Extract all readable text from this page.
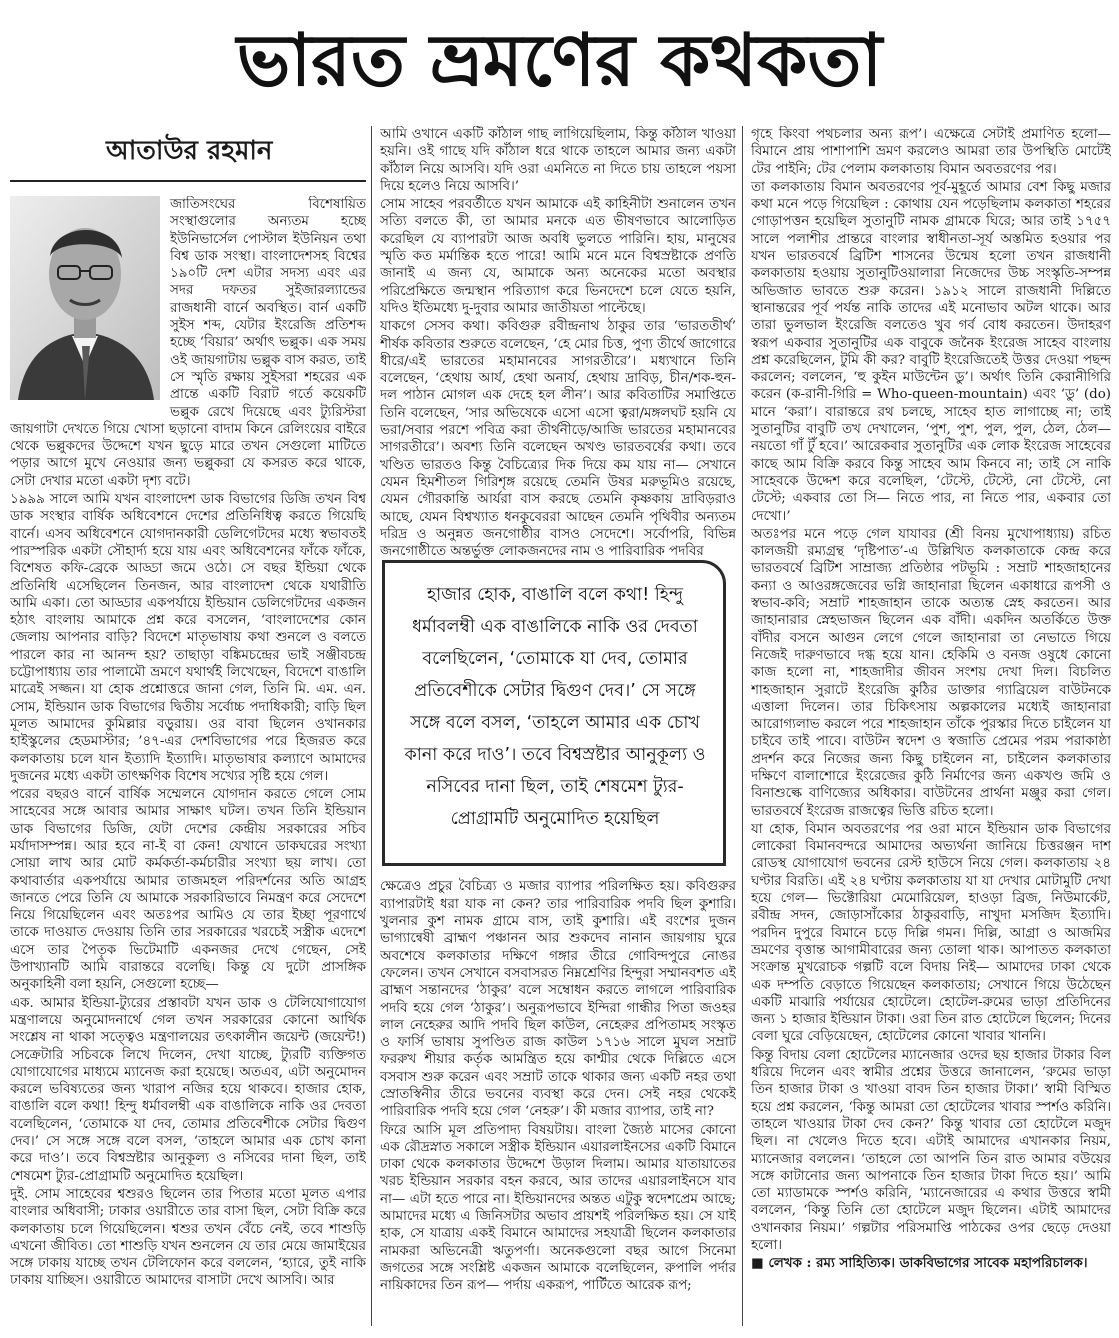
ভারত ভ্রমণের কথকতা
আতাউর রহমান

জাতিসংঘের বিশেষায়িত সংস্থাগুলোর অন্যতম হচ্ছে ইউনিভার্সেল পোস্টাল ইউনিয়ন তথা বিশ্ব ডাক সংস্থা। বাংলাদেশসহ বিশ্বের ১৯০টি দেশ এটার সদস্য এবং এর সদর দফতর সুইজারল্যান্ডের রাজধানী বার্নে অবস্থিত। বার্ন একটি সুইস শব্দ, যেটার ইংরেজি প্রতিশব্দ হচ্ছে ‘বিয়ার’ অর্থাৎ ভল্লুক। এক সময় ওই জায়গাটায় ভল্লুক বাস করত, তাই সে স্মৃতি রক্ষায় সুইসরা শহরের এক প্রান্তে একটি বিরাট গর্তে কয়েকটি ভল্লুক রেখে দিয়েছে এবং ট্যুরিস্টরা জায়গাটা দেখতে গিয়ে খোসা ছড়ানো বাদাম কিনে রেলিংয়ের বাইরে থেকে ভল্লুকদের উদ্দেশে যখন ছুড়ে মারে তখন সেগুলো মাটিতে পড়ার আগে মুখে নেওয়ার জন্য ভল্লুকরা যে কসরত করে থাকে, সেটা দেখার মতো একটা দৃশ্য বটে।

১৯৯৯ সালে আমি যখন বাংলাদেশ ডাক বিভাগের ডিজি তখন বিশ্ব ডাক সংস্থার বার্ষিক অধিবেশনে দেশের প্রতিনিধিত্ব করতে গিয়েছি বার্নে। এসব অধিবেশনে যোগদানকারী ডেলিগেটদের মধ্যে স্বভাবতই পারস্পরিক একটা সৌহার্দ্য হয়ে যায় এবং অধিবেশনের ফাঁকে ফাঁকে, বিশেষত কফি-ব্রেকে আড্ডা জমে ওঠে। সে বছর ইন্ডিয়া থেকে প্রতিনিধি এসেছিলেন তিনজন, আর বাংলাদেশ থেকে যথারীতি আমি একা। তো আড্ডার একপর্যায়ে ইন্ডিয়ান ডেলিগেটদের একজন হঠাৎ বাংলায় আমাকে প্রশ্ন করে বসলেন, ‘বাংলাদেশের কোন জেলায় আপনার বাড়ি? বিদেশে মাতৃভাষায় কথা শুনলে ও বলতে পারলে কার না আনন্দ হয়? তাছাড়া বঙ্কিমচন্দ্রের ভাই সঞ্জীবচন্দ্র চট্টোপাধ্যায় তার পালামৌ ভ্রমণে যথার্থই লিখেছেন, বিদেশে বাঙালি মাত্রেই সজ্জন। যা হোক প্রশ্নোত্তরে জানা গেল, তিনি মি. এম. এন. সোম, ইন্ডিয়ান ডাক বিভাগের দ্বিতীয় সর্বোচ্চ পদাধিকারী; বাড়ি ছিল মূলত আমাদের কুমিল্লার বড়ুরায়। ওর বাবা ছিলেন ওখানকার হাইস্কুলের হেডমাস্টার; ’৪৭-এর দেশবিভাগের পরে হিজরত করে কলকাতায় চলে যান ইত্যাদি ইত্যাদি। মাতৃভাষার কল্যাণে আমাদের দুজনের মধ্যে একটা তাৎক্ষণিক বিশেষ সখ্যের সৃষ্টি হয়ে গেল।

পরের বছরও বার্নে বার্ষিক সম্মেলনে যোগদান করতে গেলে সোম সাহেবের সঙ্গে আবার আমার সাক্ষাৎ ঘটল। তখন তিনি ইন্ডিয়ান ডাক বিভাগের ডিজি, যেটা দেশের কেন্দ্রীয় সরকারের সচিব মর্যাদাসম্পন্ন। আর হবে না-ই বা কেন! যেখানে ডাকঘরের সংখ্যা সোয়া লাখ আর মোট কর্মকর্তা-কর্মচারীর সংখ্যা ছয় লাখ। তো কথাবার্তার একপর্যায়ে আমার তাজমহল পরিদর্শনের অতি আগ্রহ জানতে পেরে তিনি যে আমাকে সরকারিভাবে নিমন্ত্রণ করে সেদেশে নিয়ে গিয়েছিলেন এবং অতঃপর আমিও যে তার ইচ্ছা পূরণার্থে তাকে দাওয়াত দেওয়ায় তিনি তার সরকারের খরচেই সস্ত্রীক এদেশে এসে তার পৈতৃক ভিটেমাটি একনজর দেখে গেছেন, সেই উপাখ্যানটি আমি বারান্তরে বলেছি। কিন্তু যে দুটো প্রাসঙ্গিক অনুকাহিনী বলা হয়নি, সেগুলো হচ্ছে—

এক. আমার ইন্ডিয়া-ট্যুরের প্রস্তাবটা যখন ডাক ও টেলিযোগাযোগ মন্ত্রণালয়ে অনুমোদনার্থে গেল তখন সরকারের কোনো আর্থিক সংশ্লেষ না থাকা সত্ত্বেও মন্ত্রণালয়ের তৎকালীন জয়েন্ট (জয়েন্ট!) সেক্রেটারি সচিবকে লিখে দিলেন, দেখা যাচ্ছে, ট্যুরটি ব্যক্তিগত যোগাযোগের মাধ্যমে ম্যানেজ করা হয়েছে। অতএব, এটা অনুমোদন করলে ভবিষ্যতের জন্য খারাপ নজির হয়ে থাকবে। হাজার হোক, বাঙালি বলে কথা! হিন্দু ধর্মাবলম্বী এক বাঙালিকে নাকি ওর দেবতা বলেছিলেন, ‘তোমাকে যা দেব, তোমার প্রতিবেশীকে সেটার দ্বিগুণ দেব।’ সে সঙ্গে সঙ্গে বলে বসল, ‘তাহলে আমার এক চোখ কানা করে দাও’। তবে বিশ্বস্রষ্টার আনুকূল্য ও নসিবের দানা ছিল, তাই শেষমেশ ট্যুর-প্রোগ্রামটি অনুমোদিত হয়েছিল।

দুই. সোম সাহেবের শ্বশুরও ছিলেন তার পিতার মতো মূলত এপার বাংলার অধিবাসী; ঢাকার ওয়ারীতে তার বাসা ছিল, সেটা বিক্রি করে কলকাতায় চলে গিয়েছিলেন। শ্বশুর তখন বেঁচে নেই, তবে শাশুড়ি এখনো জীবিত। তো শাশুড়ি যখন শুনলেন যে তার মেয়ে জামাইয়ের সঙ্গে ঢাকায় যাচ্ছে তখন টেলিফোন করে বললেন, ‘হ্যারে, তুই নাকি ঢাকায় যাচ্ছিস। ওয়ারীতে আমাদের বাসাটা দেখে আসবি। আর

আমি ওখানে একটি কাঁঠাল গাছ লাগিয়েছিলাম, কিন্তু কাঁঠাল খাওয়া হয়নি। ওই গাছে যদি কাঁঠাল ধরে থাকে তাহলে আমার জন্য একটা কাঁঠাল নিয়ে আসবি। যদি ওরা এমনিতে না দিতে চায় তাহলে পয়সা দিয়ে হলেও নিয়ে আসবি।’

সোম সাহেব পরবর্তীতে যখন আমাকে এই কাহিনীটা শুনালেন তখন সত্যি বলতে কী, তা আমার মনকে এত ভীষণভাবে আলোড়িত করেছিল যে ব্যাপারটা আজ অবধি ভুলতে পারিনি। হায়, মানুষের স্মৃতি কত মর্মান্তিক হতে পারে! আমি মনে মনে বিশ্বস্রষ্টাকে প্রণতি জানাই এ জন্য যে, আমাকে অন্য অনেকের মতো অবস্থার পরিপ্রেক্ষিতে জন্মস্থান পরিত্যাগ করে ভিনদেশে চলে যেতে হয়নি, যদিও ইতিমধ্যে দু-দুবার আমার জাতীয়তা পাল্টেছে।

যাকগে সেসব কথা। কবিগুরু রবীন্দ্রনাথ ঠাকুর তার ‘ভারততীর্থ’ শীর্ষক কবিতার শুরুতে বলেছেন, ‘হে মোর চিত্ত, পুণ্য তীর্থে জাগোরে ধীরে/এই ভারতের মহামানবের সাগরতীরে’। মধ্যখানে তিনি বলেছেন, ‘হেথায় আর্য, হেথা অনার্য, হেথায় দ্রাবিড়, চীন/শক-হুন-দল পাঠান মোগল এক দেহে হল লীন’। আর কবিতাটির সমাপ্তিতে তিনি বলেছেন, ‘সার অভিষেকে এসো এসো ত্বরা/মঙ্গলঘট হয়নি যে ভরা/সবার পরশে পবিত্র করা তীর্থনীড়ে/আজি ভারতের মহামানবের সাগরতীরে’। অবশ্য তিনি বলেছেন অখণ্ড ভারতবর্ষের কথা। তবে খণ্ডিত ভারতও কিন্তু বৈচিত্র্যের দিক দিয়ে কম যায় না— সেখানে যেমন হিমশীতল গিরিশৃঙ্গ রয়েছে তেমনি উষর মরুভূমিও রয়েছে, যেমন গৌরকান্তি আর্যরা বাস করছে তেমনি কৃষ্ণকায় দ্রাবিড়রাও আছে, যেমন বিশ্বখ্যাত ধনকুবেররা আছেন তেমনি পৃথিবীর অন্যতম দরিদ্র ও অনুন্নত জনগোষ্ঠীর বাসও সেদেশে। সর্বোপরি, বিভিন্ন জনগোষ্ঠীতে অন্তর্ভুক্ত লোকজনদের নাম ও পারিবারিক পদবির

ক্ষেত্রেও প্রচুর বৈচিত্র্য ও মজার ব্যাপার পরিলক্ষিত হয়। কবিগুরুর ব্যাপারটাই ধরা যাক না কেন? তার পারিবারিক পদবি ছিল কুশারি। খুলনার কুশ নামক গ্রামে বাস, তাই কুশারি। এই বংশের দুজন ভাগ্যান্বেষী ব্রাহ্মণ পঞ্চানন আর শুকদেব নানান জায়গায় ঘুরে অবশেষে কলকাতার দক্ষিণে গঙ্গার তীরে গোবিন্দপুরে নোঙর ফেলেন। তখন সেখানে বসবাসরত নিম্নশ্রেণির হিন্দুরা সম্মানবশত এই ব্রাহ্মণ সন্তানদের ‘ঠাকুর’ বলে সম্বোধন করতে লাগলে পারিবারিক পদবি হয়ে গেল ‘ঠাকুর’। অনুরূপভাবে ইন্দিরা গান্ধীর পিতা জওহর লাল নেহেরুর আদি পদবি ছিল কাউল, নেহেরুর প্রপিতামহ সংস্কৃত ও ফার্সি ভাষায় সুপণ্ডিত রাজ কাউল ১৭১৬ সালে মুঘল সম্রাট ফররুখ শীয়ার কর্তৃক আমন্ত্রিত হয়ে কাশ্মীর থেকে দিল্লিতে এসে বসবাস শুরু করেন এবং সম্রাট তাকে থাকার জন্য একটি নহর তথা স্রোতস্বিনীর তীরে ভবনের ব্যবস্থা করে দেন। সেই নহর থেকেই পারিবারিক পদবি হয়ে গেল ‘নেহরু’। কী মজার ব্যাপার, তাই না?

ফিরে আসি মূল প্রতিপাদ্য বিষয়টায়। বাংলা জ্যৈষ্ঠ মাসের কোনো এক রৌদ্রস্নাত সকালে সস্ত্রীক ইন্ডিয়ান এয়ারলাইনসের একটি বিমানে ঢাকা থেকে কলকাতার উদ্দেশে উড়াল দিলাম। আমার যাতায়াতের খরচ ইন্ডিয়ান সরকার বহন করবে, আর তাদের এয়ারলাইনসে যাব না— এটা হতে পারে না। ইন্ডিয়ানদের অন্তত এটুকু স্বদেশপ্রেম আছে; আমাদের মধ্যে এ জিনিসটার অভাব প্রায়শই পরিলক্ষিত হয়। সে যাই হাক, সে যাত্রায় একই বিমানে আমাদের সহযাত্রী ছিলেন কলকাতার নামকরা অভিনেত্রী ঋতুপর্ণা। অনেকগুলো বছর আগে সিনেমা জগতের সঙ্গে সংশ্লিষ্ট একজন আমাকে বলেছিলেন, রুপালি পর্দার নায়িকাদের তিন রূপ— পর্দায় একরূপ, পার্টিতে আরেক রূপ;

হাজার হোক, বাঙালি বলে কথা! হিন্দু ধর্মাবলম্বী এক বাঙালিকে নাকি ওর দেবতা বলেছিলেন, ‘তোমাকে যা দেব, তোমার প্রতিবেশীকে সেটার দ্বিগুণ দেব।’ সে সঙ্গে সঙ্গে বলে বসল, ‘তাহলে আমার এক চোখ কানা করে দাও’। তবে বিশ্বস্রষ্টার আনুকূল্য ও নসিবের দানা ছিল, তাই শেষমেশ ট্যুর-প্রোগ্রামটি অনুমোদিত হয়েছিল

গৃহে কিংবা পথচলার অন্য রূপ’। এক্ষেত্রে সেটাই প্রমাণিত হলো— বিমানে প্রায় পাশাপাশি ভ্রমণ করলেও আমরা তার উপস্থিতি মোটেই টের পাইনি; টের পেলাম কলকাতায় বিমান অবতরণের পর।

তা কলকাতায় বিমান অবতরণের পূর্ব-মুহূর্তে আমার বেশ কিছু মজার কথা মনে পড়ে গিয়েছিল : কোথায় যেন পড়েছিলাম কলকাতা শহরের গোড়াপত্তন হয়েছিল সুতানুটি নামক গ্রামকে ঘিরে; আর তাই ১৭৫৭ সালে পলাশীর প্রান্তরে বাংলার স্বাধীনতা-সূর্য অস্তমিত হওয়ার পর যখন ভারতবর্ষে ব্রিটিশ শাসনের উন্মেষ হলো তখন রাজধানী কলকাতায় হওয়ায় সুতানুটিওয়ালারা নিজেদের উচ্চ সংস্কৃতি-সম্পন্ন অভিজাত ভাবতে শুরু করেন। ১৯১২ সালে রাজধানী দিল্লিতে স্থানান্তরের পূর্ব পর্যন্ত নাকি তাদের এই মনোভাব অটল থাকে। আর তারা ভুলভাল ইংরেজি বলতেও খুব গর্ব বোধ করতেন। উদাহরণ স্বরূপ একবার সুতানুটির এক বাবুকে জনৈক ইংরেজ সাহেব বাংলায় প্রশ্ন করেছিলেন, টুমি কী কর? বাবুটি ইংরেজিতেই উত্তর দেওয়া পছন্দ করলেন; বললেন, ‘হু কুইন মাউন্টেন ডু’। অর্থাৎ তিনি কেরানীগিরি করেন (ক-রানী-গিরি = Who-queen-mountain) এবং ‘ডু’ (do) মানে ‘করা’। বারান্তরে রথ চলছে, সাহেব হাত লাগাচ্ছে না; তাই সুতানুটির বাবুটি তখ দেখালেন, ‘পুশ, পুশ, পুল, পুল, ঠেল, ঠেল— নয়তো গাঁ টুঁ হবে।’ আরেকবার সুতানুটির এক লোক ইংরেজ সাহেবের কাছে আম বিক্রি করবে কিন্তু সাহেব আম কিনবে না; তাই সে নাকি সাহেবকে উদ্দেশ করে বলেছিল, ‘টেস্টে, টেস্টে, নো টেস্টে, নো টেস্টে; একবার তো সি— নিতে পার, না নিতে পার, একবার তো দেখো।’

অতঃপর মনে পড়ে গেল যাযাবর (শ্রী বিনয় মুখোপাধ্যায়) রচিত কালজয়ী রম্যগ্রন্থ ‘দৃষ্টিপাত’-এ উল্লিখিত কলকাতাকে কেন্দ্র করে ভারতবর্ষে ব্রিটিশ সাম্রাজ্য প্রতিষ্ঠার পটভূমি : সম্রাট শাহজাহানের কন্যা ও আওরঙ্গজেবের ভগ্নি জাহানারা ছিলেন একাধারে রূপসী ও স্বভাব-কবি; সম্রাট শাহজাহান তাকে অত্যন্ত স্নেহ করতেন। আর জাহানারার স্নেহভাজন ছিলেন এক বাঁদী। একদিন অতর্কিতে উক্ত বাঁদীর বসনে আগুন লেগে গেলে জাহানারা তা নেভাতে গিয়ে নিজেই দারুণভাবে দগ্ধ হয়ে যান। হেকিমি ও বনজ ওষুধে কোনো কাজ হলো না, শাহজাদীর জীবন সংশয় দেখা দিল। বিচলিত শাহজাহান সুরাটে ইংরেজি কুঠির ডাক্তার গ্যাব্রিয়েল বাউটনকে এত্তালা দিলেন। তার চিকিৎসায় অল্পকালের মধ্যেই জাহানারা আরোগ্যলাভ করলে পরে শাহজাহান তাঁকে পুরস্কার দিতে চাইলেন যা চাইবে তাই পাবে। বাউটন স্বদেশ ও স্বজাতি প্রেমের পরম পরাকাষ্ঠা প্রদর্শন করে নিজের জন্য কিছু চাইলেন না, চাইলেন কলকাতার দক্ষিণে বালাশোরে ইংরেজের কুঠি নির্মাণের জন্য একখণ্ড জমি ও বিনাশুল্কে বাণিজ্যের অধিকার। বাউটনের প্রার্থনা মঞ্জুর করা গেল। ভারতবর্ষে ইংরেজ রাজত্বের ভিত্তি রচিত হলো।

যা হোক, বিমান অবতরণের পর ওরা মানে ইন্ডিয়ান ডাক বিভাগের লোকেরা বিমানবন্দরে আমাদের অভ্যর্থনা জানিয়ে চিত্তরঞ্জন দাশ রোডস্থ যোগাযোগ ভবনের রেস্ট হাউসে নিয়ে গেল। কলকাতায় ২৪ ঘণ্টার বিরতি। এই ২৪ ঘণ্টায় কলকাতায় যা যা দেখার মোটামুটি দেখা হয়ে গেল— ভিক্টোরিয়া মেমোরিয়েল, হাওড়া ব্রিজ, নিউমার্কেট, রবীন্দ্র সদন, জোড়াসাঁকোর ঠাকুরবাড়ি, নাখুদা মসজিদ ইত্যাদি। পরদিন দুপুরে বিমানে চড়ে দিল্লি গমন। দিল্লি, আগ্রা ও আজমির ভ্রমণের বৃত্তান্ত আগামীবারের জন্য তোলা থাক। আপাতত কলকাতা সংক্রান্ত মুখরোচক গল্পটি বলে বিদায় নিই— আমাদের ঢাকা থেকে এক দম্পতি বেড়াতে গিয়েছেন কলকাতায়; সেখানে গিয়ে উঠেছেন একটি মাঝারি পর্যায়ের হোটেলে। হোটেল-রুমের ভাড়া প্রতিদিনের জন্য ১ হাজার ইন্ডিয়ান টাকা। ওরা তিন রাত হোটেলে ছিলেন; দিনের বেলা ঘুরে বেড়িয়েছেন, হোটেলের কোনো খাবার খাননি।

কিন্তু বিদায় বেলা হোটেলের ম্যানেজার ওদের ছয় হাজার টাকার বিল ধরিয়ে দিলেন এবং স্বামীর প্রশ্নের উত্তরে জানালেন, ‘রুমের ভাড়া তিন হাজার টাকা ও খাওয়া বাবদ তিন হাজার টাকা।’ স্বামী বিস্মিত হয়ে প্রশ্ন করলেন, ‘কিন্তু আমরা তো হোটেলের খাবার স্পর্শও করিনি। তাহলে খাওয়ার টাকা দেব কেন?’ কিন্তু খাবার তো হোটেলে মজুদ ছিল। না খেলেও দিতে হবে। এটাই আমাদের এখানকার নিয়ম, ম্যানেজার বললেন। ‘তাহলে তো আপনি তিন রাত আমার বউয়ের সঙ্গে কাটানোর জন্য আপনাকে তিন হাজার টাকা দিতে হয়।’ আমি তো ম্যাডামকে স্পর্শও করিনি, ‘ম্যানেজারের এ কথার উত্তরে স্বামী বললেন, ‘কিন্তু তিনি তো হোটেলে মজুদ ছিলেন। এটাই আমাদের ওখানকার নিয়ম।’ গল্পটার পরিসমাপ্তি পাঠকের ওপর ছেড়ে দেওয়া হলো।

■ লেখক : রম্য সাহিত্যিক। ডাকবিভাগের সাবেক মহাপরিচালক।
